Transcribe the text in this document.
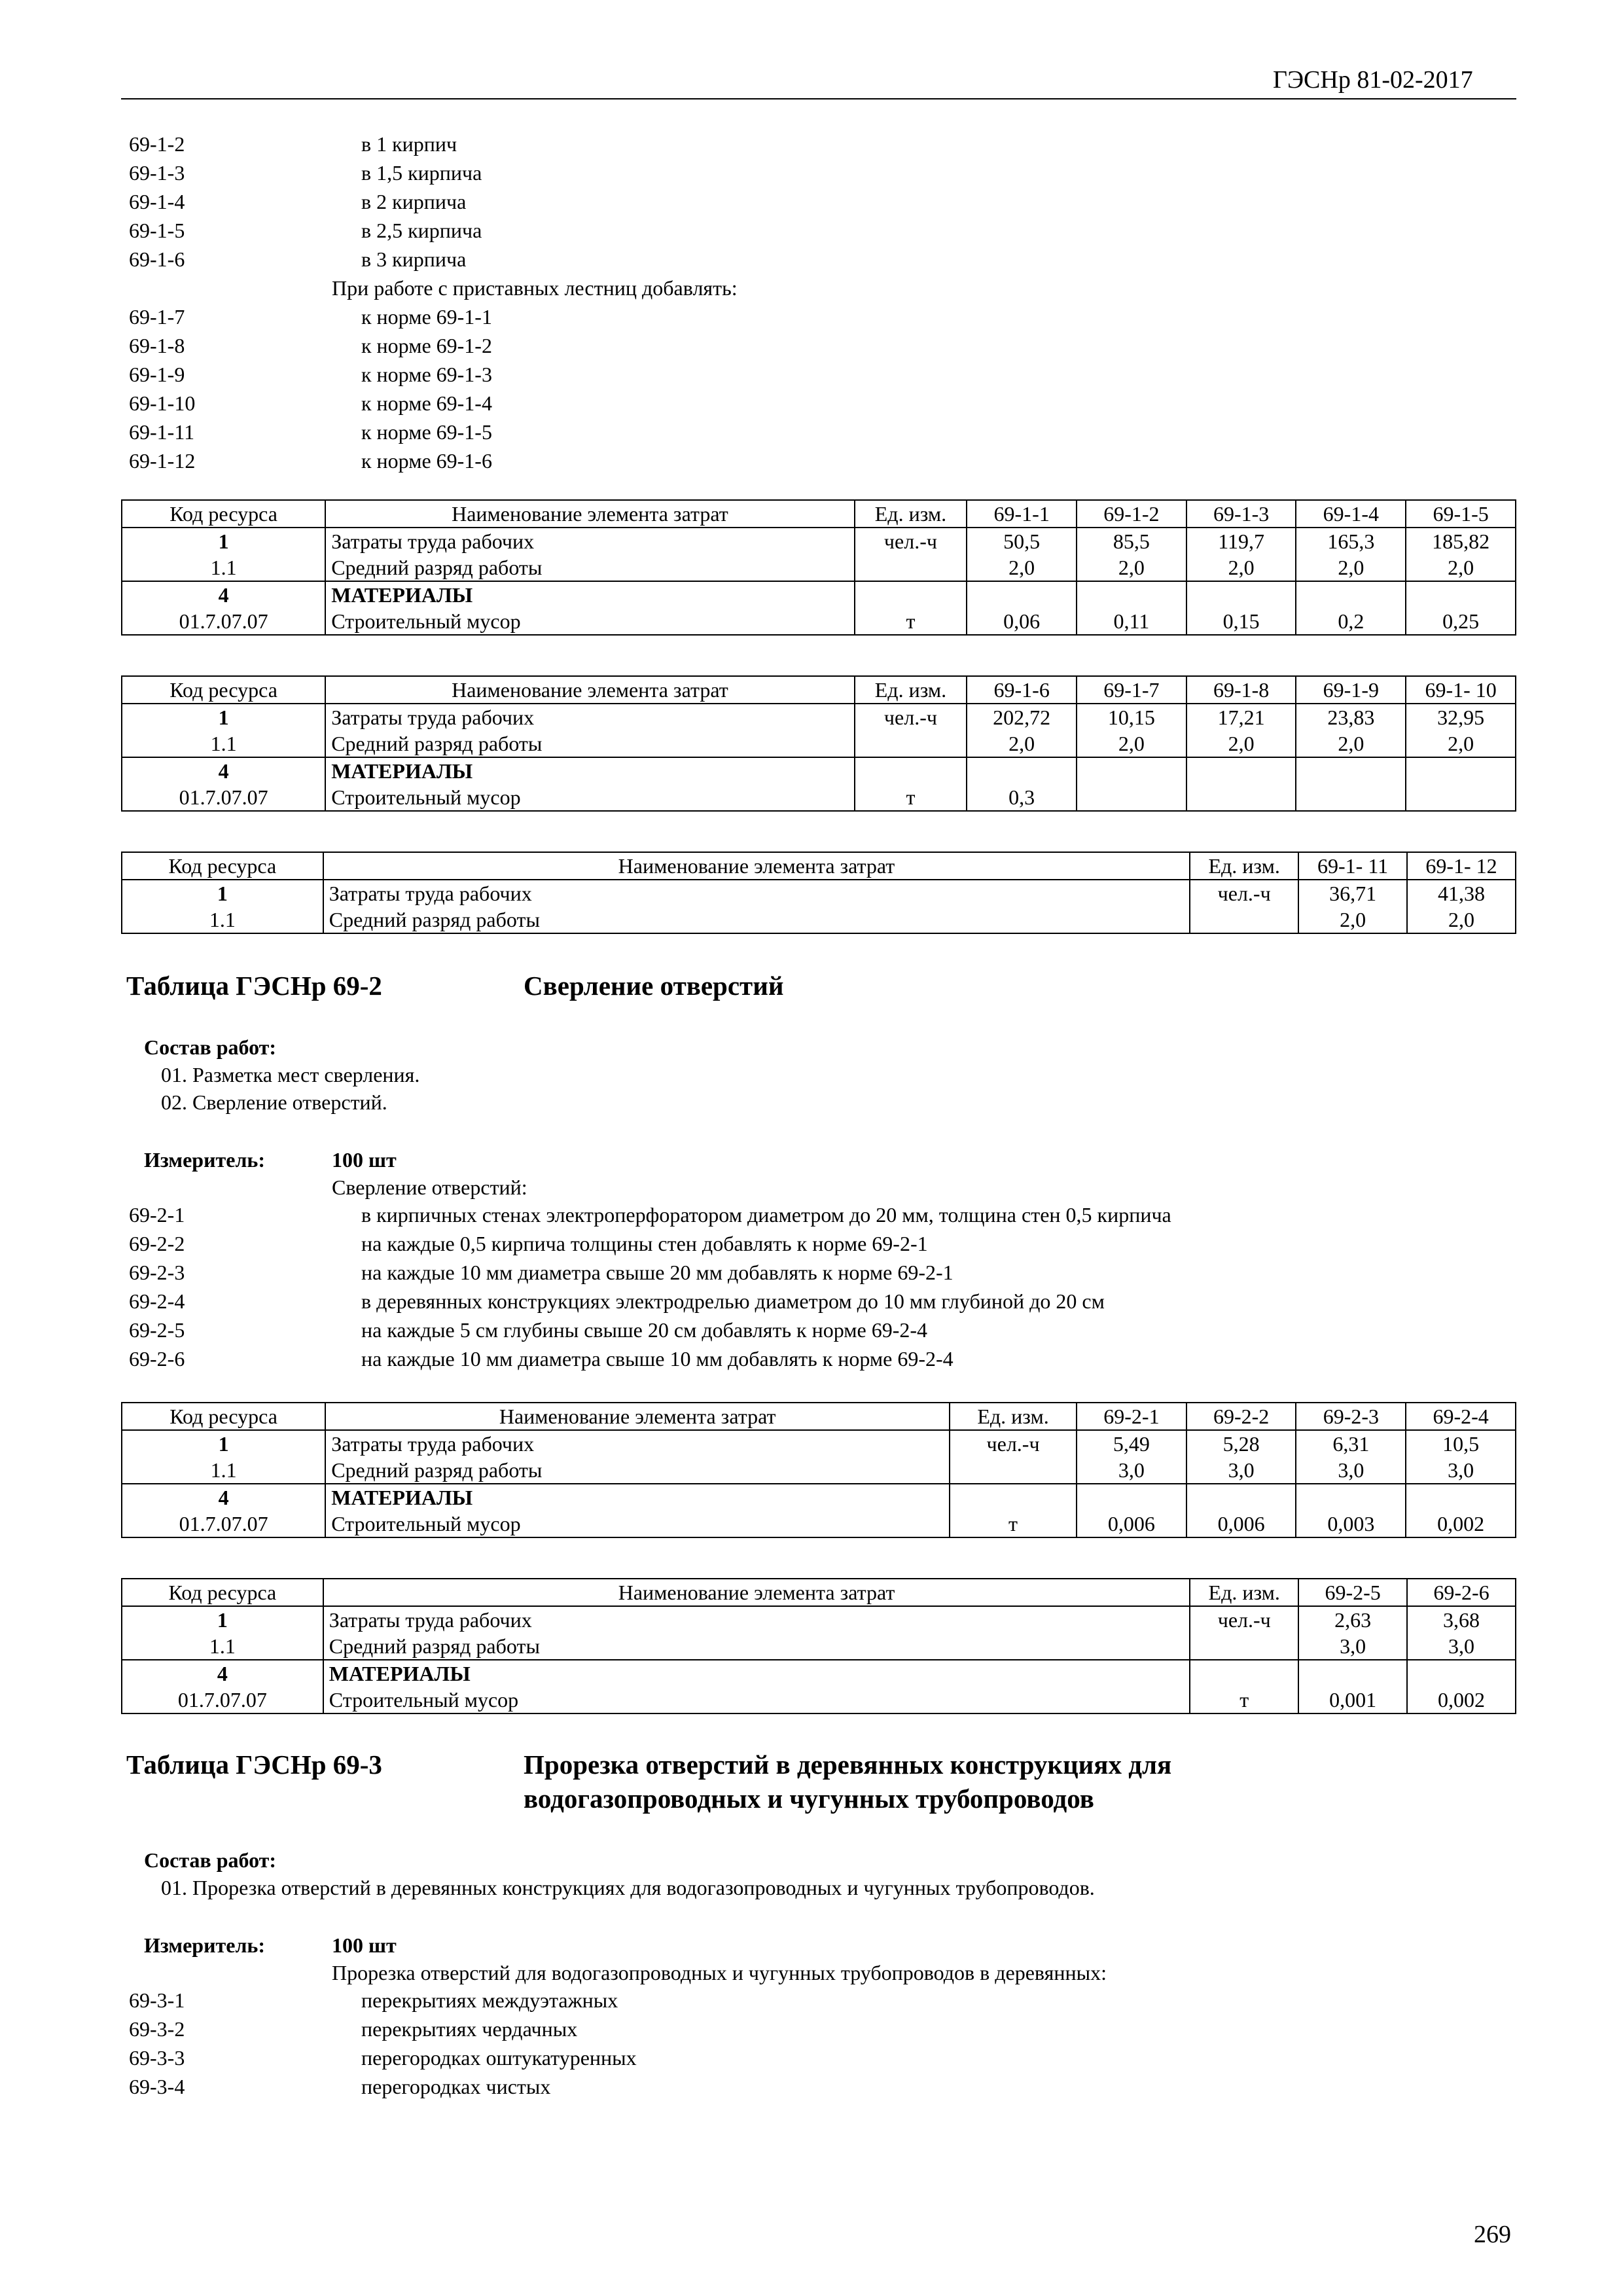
ГЭСНр 81-02-2017
69-1-2	в 1 кирпич
69-1-3	в 1,5 кирпича
69-1-4	в 2 кирпича
69-1-5	в 2,5 кирпича
69-1-6	в 3 кирпича
При работе с приставных лестниц добавлять:
69-1-7	к норме 69-1-1
69-1-8	к норме 69-1-2
69-1-9	к норме 69-1-3
69-1-10	к норме 69-1-4
69-1-11	к норме 69-1-5
69-1-12	к норме 69-1-6
Код ресурса	Наименование элемента затрат	Ед. изм.	69-1-1	69-1-2	69-1-3	69-1-4	69-1-5
1	Затраты труда рабочих	чел.-ч	50,5	85,5	119,7	165,3	185,82
1.1	Средний разряд работы		2,0	2,0	2,0	2,0	2,0
4	МАТЕРИАЛЫ						
01.7.07.07	Строительный мусор	т	0,06	0,11	0,15	0,2	0,25
Код ресурса	Наименование элемента затрат	Ед. изм.	69-1-6	69-1-7	69-1-8	69-1-9	69-1- 10
1	Затраты труда рабочих	чел.-ч	202,72	10,15	17,21	23,83	32,95
1.1	Средний разряд работы		2,0	2,0	2,0	2,0	2,0
4	МАТЕРИАЛЫ						
01.7.07.07	Строительный мусор	т	0,3				
Код ресурса	Наименование элемента затрат	Ед. изм.	69-1- 11	69-1- 12
1	Затраты труда рабочих	чел.-ч	36,71	41,38
1.1	Средний разряд работы		2,0	2,0
Таблица ГЭСНр 69-2	Сверление отверстий
Состав работ:
01. Разметка мест сверления.
02. Сверление отверстий.
Измеритель:	100 шт
Сверление отверстий:
69-2-1	в кирпичных стенах электроперфоратором диаметром до 20 мм, толщина стен 0,5 кирпича
69-2-2	на каждые 0,5 кирпича толщины стен добавлять к норме 69-2-1
69-2-3	на каждые 10 мм диаметра свыше 20 мм добавлять к норме 69-2-1
69-2-4	в деревянных конструкциях электродрелью диаметром до 10 мм глубиной до 20 см
69-2-5	на каждые 5 см глубины свыше 20 см добавлять к норме 69-2-4
69-2-6	на каждые 10 мм диаметра свыше 10 мм добавлять к норме 69-2-4
Код ресурса	Наименование элемента затрат	Ед. изм.	69-2-1	69-2-2	69-2-3	69-2-4
1	Затраты труда рабочих	чел.-ч	5,49	5,28	6,31	10,5
1.1	Средний разряд работы		3,0	3,0	3,0	3,0
4	МАТЕРИАЛЫ					
01.7.07.07	Строительный мусор	т	0,006	0,006	0,003	0,002
Код ресурса	Наименование элемента затрат	Ед. изм.	69-2-5	69-2-6
1	Затраты труда рабочих	чел.-ч	2,63	3,68
1.1	Средний разряд работы		3,0	3,0
4	МАТЕРИАЛЫ			
01.7.07.07	Строительный мусор	т	0,001	0,002
Таблица ГЭСНр 69-3	Прорезка отверстий в деревянных конструкциях для
водогазопроводных и чугунных трубопроводов
Состав работ:
01. Прорезка отверстий в деревянных конструкциях для водогазопроводных и чугунных трубопроводов.
Измеритель:	100 шт
Прорезка отверстий для водогазопроводных и чугунных трубопроводов в деревянных:
69-3-1	перекрытиях междуэтажных
69-3-2	перекрытиях чердачных
69-3-3	перегородках оштукатуренных
69-3-4	перегородках чистых
269
